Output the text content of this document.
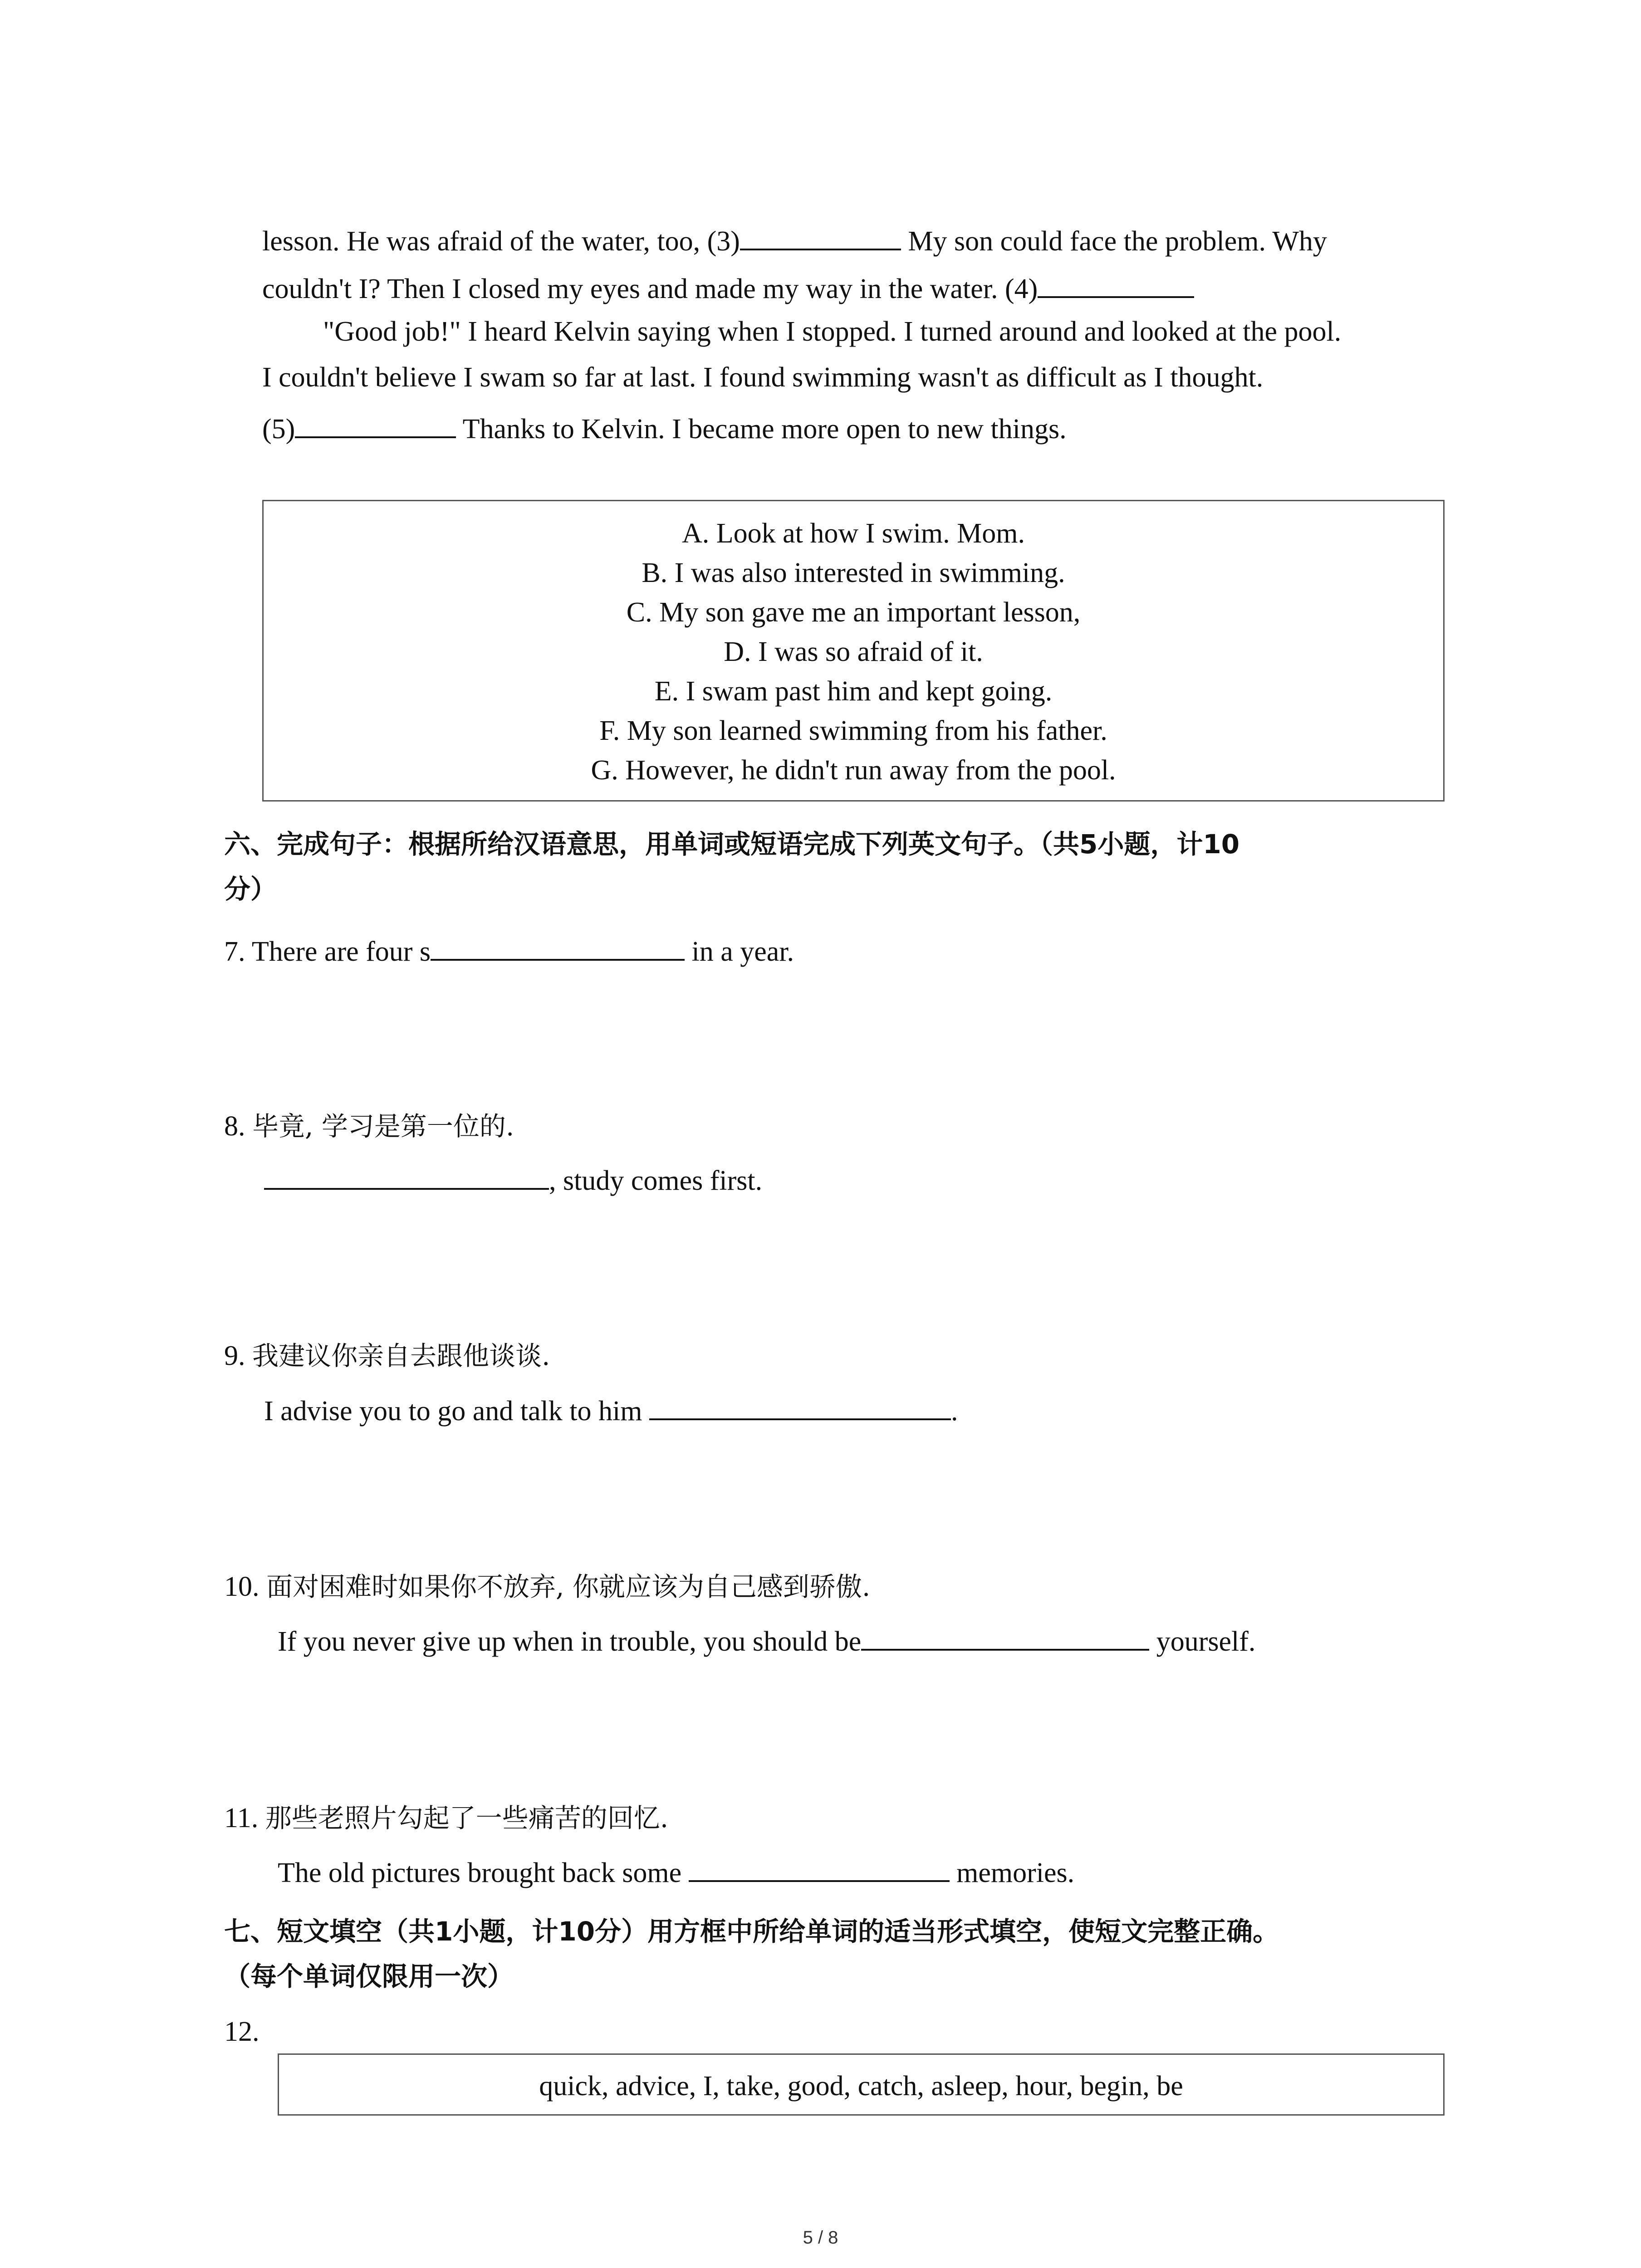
lesson. He was afraid of the water, too, (3)	My son could face the problem. Why
couldn't I? Then I closed my eyes and made my way in the water. (4)
"Good job!" I heard Kelvin saying when I stopped. I turned around and looked at the pool.
I couldn't believe I swam so far at last. I found swimming wasn't as difficult as I thought.
(5)	Thanks to Kelvin. I became more open to new things.
A. Look at how I swim. Mom.
B. I was also interested in swimming.
C. My son gave me an important lesson,
D. I was so afraid of it.
E. I swam past him and kept going.
F. My son learned swimming from his father.
G. However, he didn't run away from the pool.
六、完成句子：根据所给汉语意思，用单词或短语完成下列英文句子。（共5小题，计10
分）
7. There are four s	in a year.
8. 毕竟, 学习是第一位的.
, study comes first.
9. 我建议你亲自去跟他谈谈.
I advise you to go and talk to him	.
10. 面对困难时如果你不放弃, 你就应该为自己感到骄傲.
If you never give up when in trouble, you should be	yourself.
11. 那些老照片勾起了一些痛苦的回忆.
The old pictures brought back some	memories.
七、短文填空（共1小题，计10分）用方框中所给单词的适当形式填空，使短文完整正确。
（每个单词仅限用一次）
12.
quick, advice, I, take, good, catch, asleep, hour, begin, be
5 / 8
